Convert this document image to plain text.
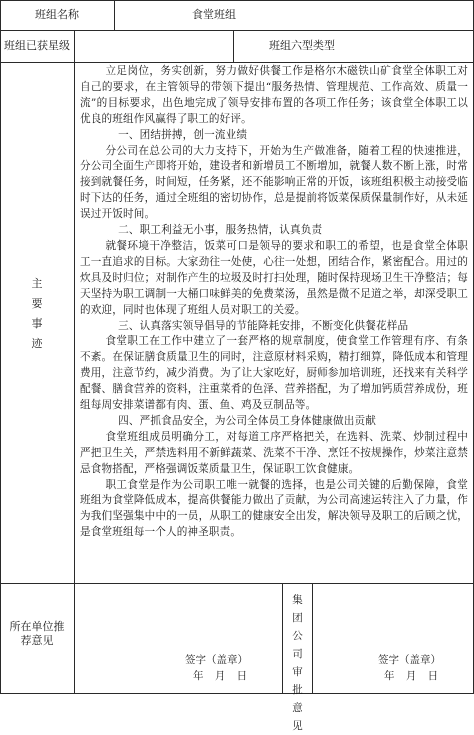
班组名称	食堂班组
班组已获星级	班组六型类型
主
要
事
迹

立足岗位，务实创新，努力做好供餐工作是格尔木磁铁山矿食堂全体职工对自己的要求，在主管领导的带领下提出“服务热情、管理规范、工作高效、质量一流”的目标要求，出色地完成了领导安排布置的各项工作任务；该食堂全体职工以优良的班组作风赢得了职工的好评。

一、团结拼搏，创一流业绩

分公司在总公司的大力支持下，开始为生产做准备，随着工程的快速推进，分公司全面生产即将开始，建设者和新增员工不断增加，就餐人数不断上涨，时常接到就餐任务，时间短，任务紧，还不能影响正常的开饭，该班组积极主动接受临时下达的任务，通过全班组的密切协作，总是提前将饭菜保质保量制作好，从未延误过开饭时间。

二、职工利益无小事，服务热情，认真负责

就餐环境干净整洁，饭菜可口是领导的要求和职工的希望，也是食堂全体职工一直追求的目标。大家劲往一处使，心往一处想，团结合作，紧密配合。用过的炊具及时归位；对制作产生的垃圾及时打扫处理，随时保持现场卫生干净整洁；每天坚持为职工调制一大桶口味鲜美的免费菜汤，虽然是微不足道之举，却深受职工的欢迎，同时也体现了班组人员对职工的关爱。

三、认真落实领导倡导的节能降耗安排，不断变化供餐花样品

食堂职工在工作中建立了一套严格的规章制度，使食堂工作管理有序、有条不紊。在保证膳食质量卫生的同时，注意原材料采购，精打细算，降低成本和管理费用，注意节约，减少消费。为了让大家吃好，厨师参加培训班，还找来有关科学配餐、膳食营养的资料，注重菜肴的色泽、营养搭配，为了增加钙质营养成份，班组每周安排菜谱都有肉、蛋、鱼、鸡及豆制品等。

四、严抓食品安全，为公司全体员工身体健康做出贡献

食堂班组成员明确分工，对每道工序严格把关，在选料、洗菜、炒制过程中严把卫生关，严禁选料用不新鲜蔬菜、洗菜不干净、烹饪不按规操作，炒菜注意禁忌食物搭配，严格强调饭菜质量卫生，保证职工饮食健康。

职工食堂是作为公司职工唯一就餐的选择，也是公司关键的后勤保障，食堂班组为食堂降低成本，提高供餐能力做出了贡献，为公司高速运转注入了力量，作为我们坚强集中中的一员，从职工的健康安全出发，解决领导及职工的后顾之忧，是食堂班组每一个人的神圣职责。

所在单位推
荐意见
签字（盖章）
年 月 日
集
团
公
司
审
批
意
见
签字（盖章）
年 月 日
